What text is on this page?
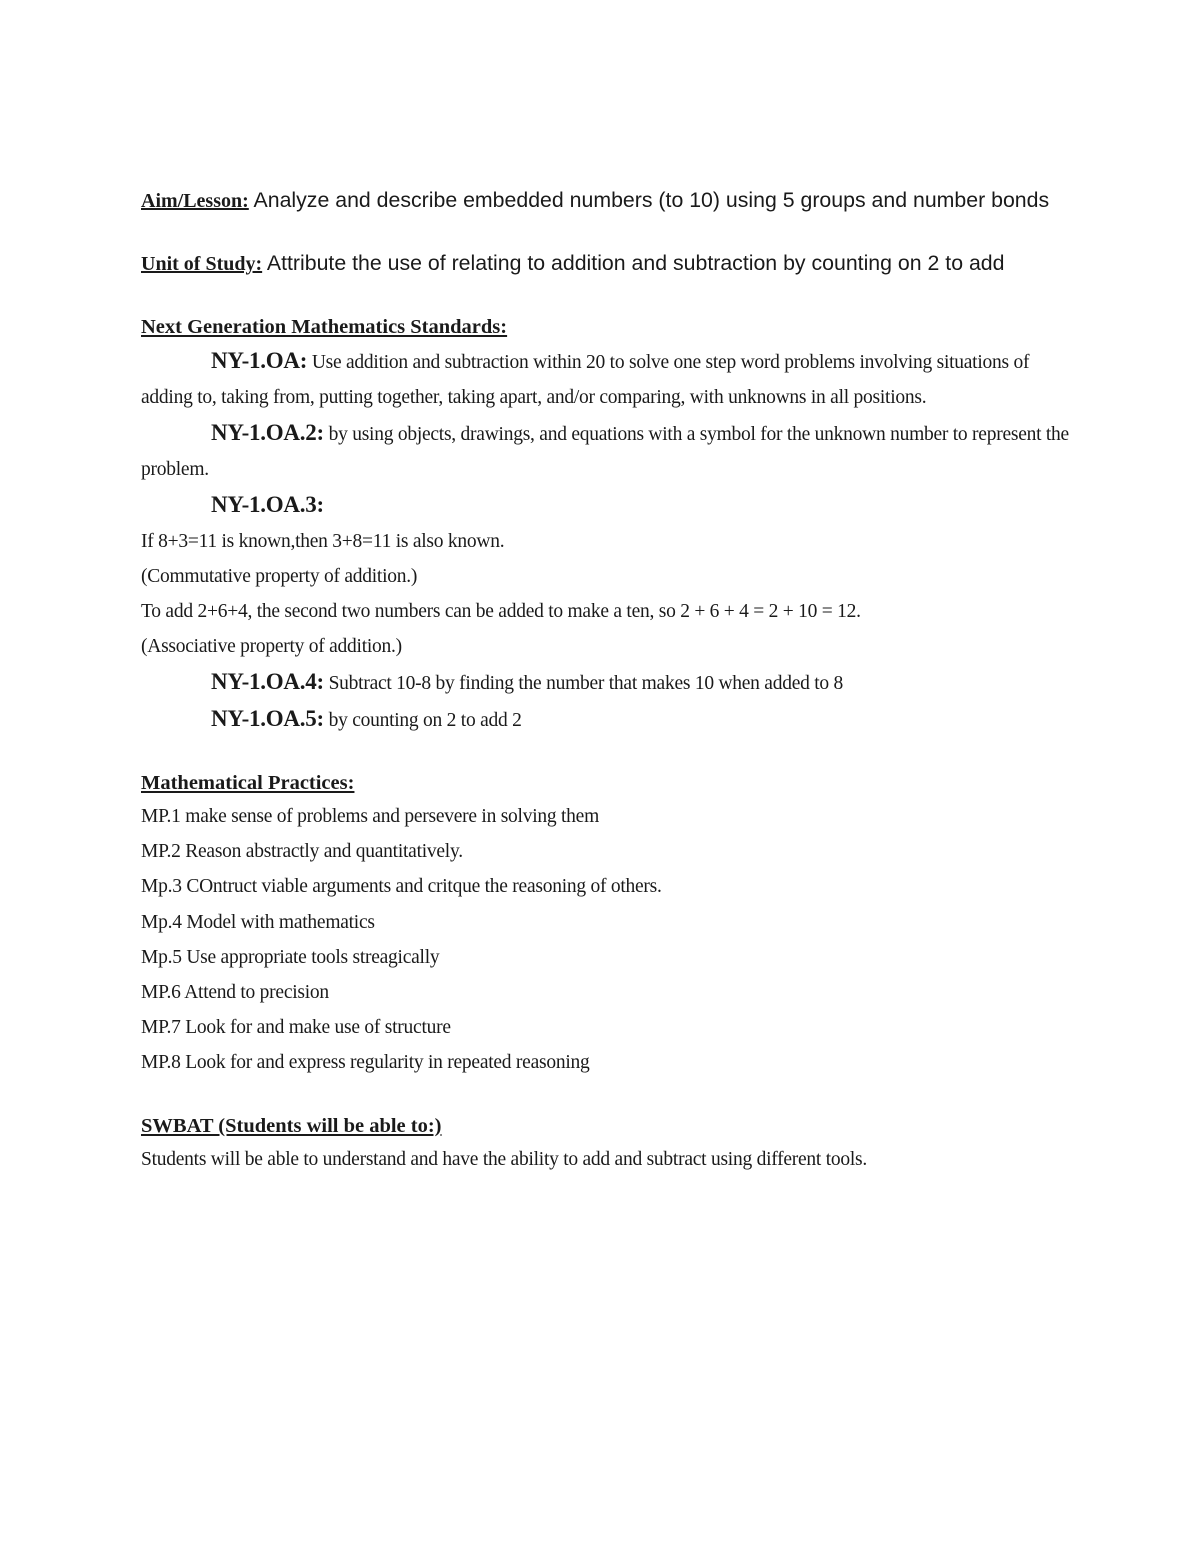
Aim/Lesson: Analyze and describe embedded numbers (to 10) using 5 groups and number bonds

Unit of Study: Attribute the use of relating to addition and subtraction by counting on 2 to add

Next Generation Mathematics Standards:

NY-1.OA: Use addition and subtraction within 20 to solve one step word problems involving situations of adding to, taking from, putting together, taking apart, and/or comparing, with unknowns in all positions.

NY-1.OA.2: by using objects, drawings, and equations with a symbol for the unknown number to represent the problem.

NY-1.OA.3:

If 8+3=11 is known,then 3+8=11 is also known.

(Commutative property of addition.)

To add 2+6+4, the second two numbers can be added to make a ten, so 2 + 6 + 4 = 2 + 10 = 12.

(Associative property of addition.)

NY-1.OA.4: Subtract 10-8 by finding the number that makes 10 when added to 8

NY-1.OA.5: by counting on 2 to add 2

Mathematical Practices:

MP.1 make sense of problems and persevere in solving them
MP.2 Reason abstractly and quantitatively.
Mp.3 COntruct viable arguments and critque the reasoning of others.
Mp.4 Model with mathematics
Mp.5 Use appropriate tools streagically
MP.6 Attend to precision
MP.7 Look for and make use of structure
MP.8 Look for and express regularity in repeated reasoning

SWBAT (Students will be able to:)

Students will be able to understand and have the ability to add and subtract using different tools.
